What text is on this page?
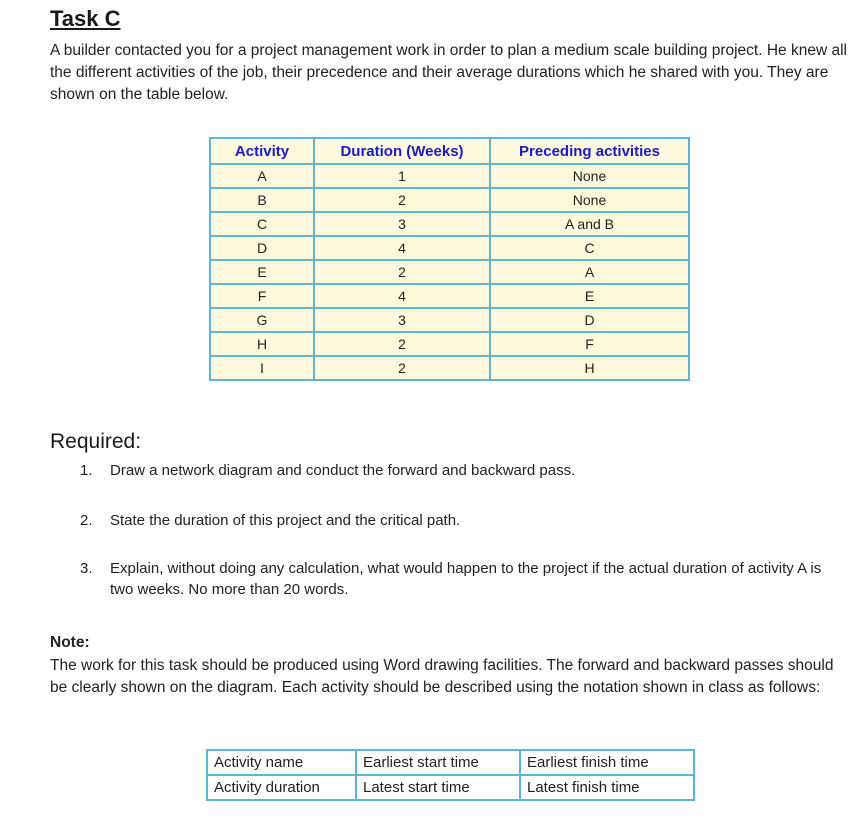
Task C
A builder contacted you for a project management work in order to plan a medium scale building project. He knew all the different activities of the job, their precedence and their average durations which he shared with you. They are shown on the table below.
Activity	Duration (Weeks)	Preceding activities
A	1	None
B	2	None
C	3	A and B
D	4	C
E	2	A
F	4	E
G	3	D
H	2	F
I	2	H
Required:
1. Draw a network diagram and conduct the forward and backward pass.
2. State the duration of this project and the critical path.
3. Explain, without doing any calculation, what would happen to the project if the actual duration of activity A is two weeks. No more than 20 words.
Note:
The work for this task should be produced using Word drawing facilities. The forward and backward passes should be clearly shown on the diagram. Each activity should be described using the notation shown in class as follows:
Activity name	Earliest start time	Earliest finish time
Activity duration	Latest start time	Latest finish time
